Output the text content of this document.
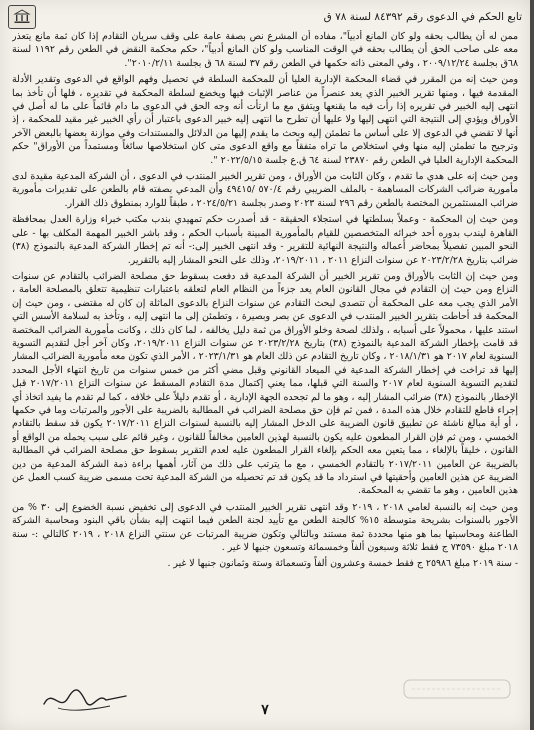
تابع الحكم في الدعوى رقم ٨٤٣٩٢ لسنة ٧٨ ق

ممن له أن يطالب بحقه ولو كان المانع أدبياً"، مفاده أن المشرع نص بصفة عامة على وقف سريان التقادم إذا كان ثمة مانع يتعذر معه على صاحب الحق أن يطالب بحقه في الوقت المناسب ولو كان المانع أدبياً"، حكم محكمة النقض في الطعن رقم ١١٩٢ لسنة ٦٨ق بجلسة ٢٠٠٩/١٢/٢٤ ، وفي المعنى ذاته حكمها في الطعن رقم ٣٧ لسنة ٦٨ ق بجلسة ٢٠١٠/٢/١١".

ومن حيث إنه من المقرر في قضاء المحكمة الإدارية العليا أن للمحكمة السلطة في تحصيل وفهم الواقع في الدعوى وتقدير الأدلة المقدمة فيها ، ومنها تقرير الخبير الذي يعد عنصراً من عناصر الإثبات فيها ويخضع لسلطة المحكمة في تقديره ، فلها أن تأخذ بما انتهى إليه الخبير في تقريره إذا رأت فيه ما يقنعها ويتفق مع ما ارتأت أنه وجه الحق في الدعوى ما دام قائماً على ما له أصل في الأوراق ويؤدي إلى النتيجة التي انتهى إليها ولا عليها أن تطرح ما انتهى إليه خبير الدعوى باعتبار أن رأي الخبير غير مقيد للمحكمة ، إذ أنها لا تقضي في الدعوى إلا على أساس ما تطمئن إليه وبحث ما يقدم إليها من الدلائل والمستندات وفي موازنة بعضها بالبعض الآخر وترجيح ما تطمئن إليه منها وفي استخلاص ما تراه متفقاً مع واقع الدعوى متى كان استخلاصها سائغاً ومستمداً من الأوراق" حكم المحكمة الإدارية العليا في الطعن رقم ٢٣٨٧٠ لسنة ٦٤ ق.ع جلسة ٢٠٢٢/٥/١٥ ".

ومن حيث إنه على هدي ما تقدم ، وكان الثابت من الأوراق ، ومن تقرير الخبير المنتدب في الدعوى ، أن الشركة المدعية مقيدة لدى مأمورية ضرائب الشركات المساهمة - بالملف الضريبي رقم ٥٧٠/٤ /٤٩٤١٥ وأن المدعي بصفته قام بالطعن على تقديرات مأمورية ضرائب المستثمرين المختصة بالطعن رقم ٢٩٦ لسنة ٢٠٢٣ وصدر بجلسة ٢٠٢٤/٥/٢١ ، طبقاً للوارد بمنطوق ذلك القرار.

ومن حيث إن المحكمة - وعملاً بسلطتها في استجلاء الحقيقة - قد أصدرت حكم تمهيدي بندب مكتب خبراء وزارة العدل بمحافظة القاهرة ليندب بدوره أحد خبرائه المتخصصين للقيام بالمأمورية المبينة بأسباب الحكم ، وقد باشر الخبير المهمة المكلف بها - على النحو المبين تفصيلاً بمحاضر أعماله والنتيجة النهائية للتقرير - وقد انتهى الخبير إلى:- أنه تم إخطار الشركة المدعية بالنموذج (٣٨) ضرائب بتاريخ ٢٠٢٣/٢/٢٨ عن سنوات النزاع ٢٠١١ ، ٢٠١٩/٢٠١١، وذلك على النحو المشار إليه بالتقرير.

ومن حيث إن الثابت بالأوراق ومن تقرير الخبير أن الشركة المدعية قد دفعت بسقوط حق مصلحة الضرائب بالتقادم عن سنوات النزاع ومن حيث إن التقادم في مجال القانون العام يعد جزءاً من النظام العام لتعلقه باعتبارات تنظيمية تتعلق بالمصلحة العامة ، الأمر الذي يجب معه على المحكمة أن تتصدى لبحث التقادم عن سنوات النزاع بالدعوى الماثلة إن كان له مقتضى ، ومن حيث إن المحكمة قد أحاطت بتقرير الخبير المنتدب في الدعوى عن بصر وبصيرة ، وتطمئن إلى ما انتهى إليه ، وتأخذ به لسلامة الأسس التي استند عليها ، محمولاً على أسبابه ، ولذلك لصحة وخلو الأوراق من ثمة دليل يخالفه ، لما كان ذلك ، وكانت مأمورية الضرائب المختصة قد قامت بإخطار الشركة المدعية بالنموذج (٣٨) بتاريخ ٢٠٢٣/٢/٢٨ عن سنوات النزاع ٢٠١٩/٢٠١١، وكان آخر أجل لتقديم التسوية السنوية لعام ٢٠١٧ هو ٢٠١٨/١/٣١ ، وكان تاريخ التقادم عن ذلك العام هو ٢٠٢٣/١/٣١ ، الأمر الذي تكون معه مأمورية الضرائب المشار إليها قد تراخت في إخطار الشركة المدعية في الميعاد القانوني وقبل مضي أكثر من خمس سنوات من تاريخ انتهاء الأجل المحدد لتقديم التسوية السنوية لعام ٢٠١٧ والسنة التي قبلها، مما يعني إكتمال مدة التقادم المسقط عن سنوات النزاع ٢٠١٧/٢٠١١ قبل الإخطار بالنموذج (٣٨) ضرائب المشار إليه ، وهو ما لم تجحده الجهة الإدارية ، أو تقدم دليلاً على خلافه ، كما لم تقدم ما يفيد اتخاذ أي إجراء قاطع للتقادم خلال هذه المدة ، فمن ثم فإن حق مصلحة الضرائب في المطالبة بالضريبة على الأجور والمرتبات وما في حكمها ، أو أية مبالغ ناشئة عن تطبيق قانون الضريبة على الدخل المشار إليه بالنسبة لسنوات النزاع ٢٠١٧/٢٠١١ يكون قد سقط بالتقادم الخمسي ، ومن ثم فإن القرار المطعون عليه يكون بالنسبة لهذين العامين مخالفاً للقانون ، وغير قائم على سبب يحمله من الواقع أو القانون ، خليقاً بالإلغاء ، مما يتعين معه الحكم بإلغاء القرار المطعون عليه لعدم التقرير بسقوط حق مصلحة الضرائب في المطالبة بالضريبة عن العامين ٢٠١٧/٢٠١١ بالتقادم الخمسي ، مع ما يترتب على ذلك من آثار، أهمها براءة ذمة الشركة المدعية من دين الضريبة عن هذين العامين وأحقيتها في استرداد ما قد يكون قد تم تحصيله من الشركة المدعية تحت مسمى ضريبة كسب العمل عن هذين العامين ، وهو ما تقضي به المحكمة.

ومن حيث إنه بالنسبة لعامي ٢٠١٨ ، ٢٠١٩ وقد انتهى تقرير الخبير المنتدب في الدعوى إلى تخفيض نسبة الخضوع إلى ٣٠ % من الأجور بالسنوات بشريحة متوسطة ١٥% كالجنة الطعن مع تأييد لجنة الطعن فيما انتهت إليه بشأن باقي البنود ومحاسبة الشركة الطاعنة ومحاسبتها بما هو منها محددة ثمة مستند وبالتالي وتكون ضريبة المرتبات عن سنتي النزاع ٢٠١٨ ، ٢٠١٩ كالتالي :- سنة ٢٠١٨ مبلغ ٧٣٥٩٠ ج فقط ثلاثة وسبعون ألفاً وخمسمائة وتسعون جنيها لا غير .

- سنة ٢٠١٩ مبلغ ٢٥٩٨٦ ج فقط خمسة وعشرون ألفاً وتسعمائة وستة وثمانون جنيها لا غير .

٧
